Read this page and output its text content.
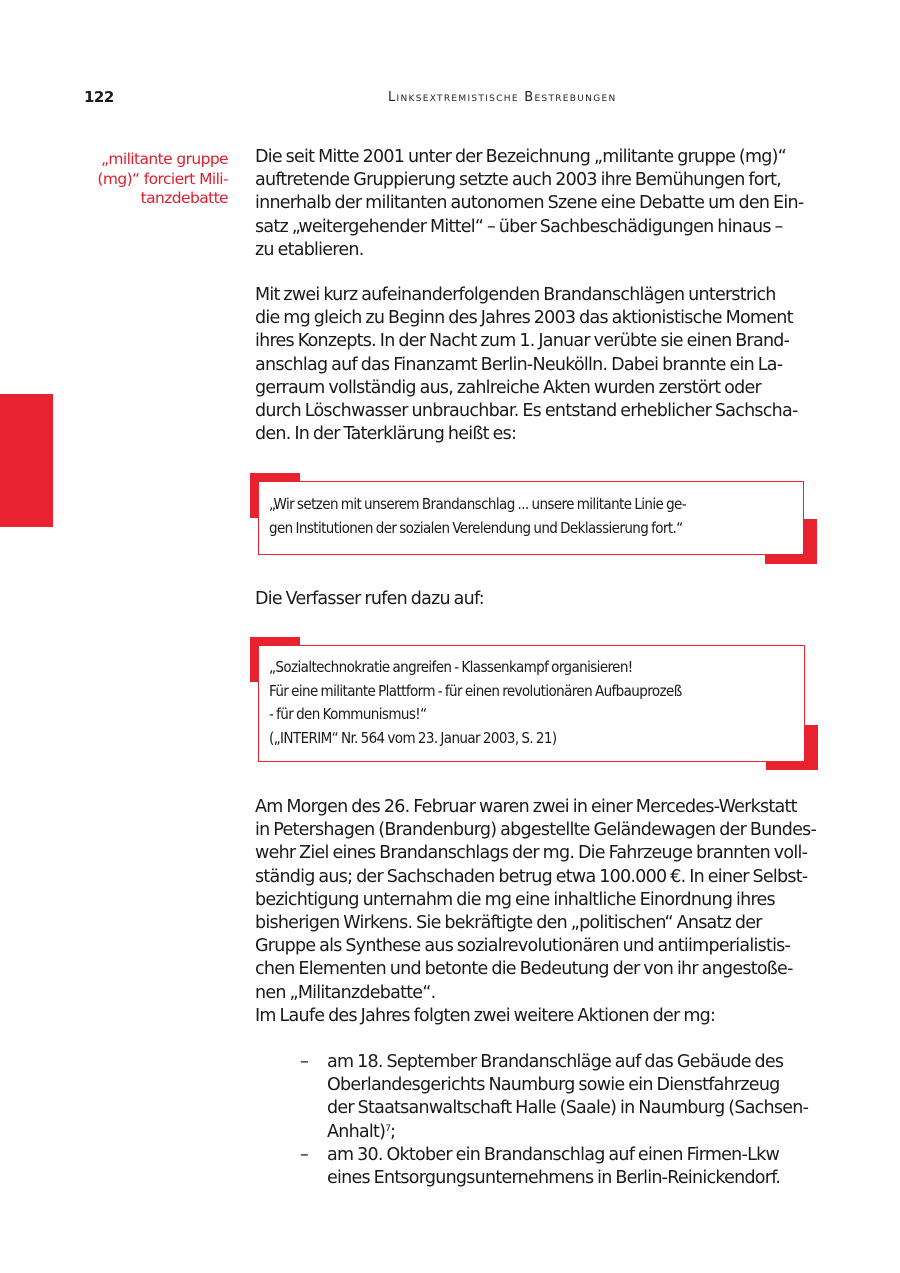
122	Linksextremistische Bestrebungen
„militante gruppe
(mg)“ forciert Mili-
tanzdebatte

Die seit Mitte 2001 unter der Bezeichnung „militante gruppe (mg)“

auftretende Gruppierung setzte auch 2003 ihre Bemühungen fort,

innerhalb der militanten autonomen Szene eine Debatte um den Ein-

satz „weitergehender Mittel“ – über Sachbeschädigungen hinaus –

zu etablieren.

Mit zwei kurz aufeinanderfolgenden Brandanschlägen unterstrich

die mg gleich zu Beginn des Jahres 2003 das aktionistische Moment

ihres Konzepts. In der Nacht zum 1. Januar verübte sie einen Brand-

anschlag auf das Finanzamt Berlin-Neukölln. Dabei brannte ein La-

gerraum vollständig aus, zahlreiche Akten wurden zerstört oder

durch Löschwasser unbrauchbar. Es entstand erheblicher Sachscha-

den. In der Taterklärung heißt es:

„Wir setzen mit unserem Brandanschlag ... unsere militante Linie ge-
gen Institutionen der sozialen Verelendung und Deklassierung fort.“

Die Verfasser rufen dazu auf:

„Sozialtechnokratie angreifen - Klassenkampf organisieren!
Für eine militante Plattform - für einen revolutionären Aufbauprozeß
- für den Kommunismus!“
(„INTERIM“ Nr. 564 vom 23. Januar 2003, S. 21)

Am Morgen des 26. Februar waren zwei in einer Mercedes-Werkstatt

in Petershagen (Brandenburg) abgestellte Geländewagen der Bundes-

wehr Ziel eines Brandanschlags der mg. Die Fahrzeuge brannten voll-

ständig aus; der Sachschaden betrug etwa 100.000 €. In einer Selbst-

bezichtigung unternahm die mg eine inhaltliche Einordnung ihres

bisherigen Wirkens. Sie bekräftigte den „politischen“ Ansatz der

Gruppe als Synthese aus sozialrevolutionären und antiimperialistis-

chen Elementen und betonte die Bedeutung der von ihr angestoße-

nen „Militanzdebatte“.

Im Laufe des Jahres folgten zwei weitere Aktionen der mg:

– am 18. September Brandanschläge auf das Gebäude des
Oberlandesgerichts Naumburg sowie ein Dienstfahrzeug
der Staatsanwaltschaft Halle (Saale) in Naumburg (Sachsen-
Anhalt)$^7$;
– am 30. Oktober ein Brandanschlag auf einen Firmen-Lkw
eines Entsorgungsunternehmens in Berlin-Reinickendorf.
